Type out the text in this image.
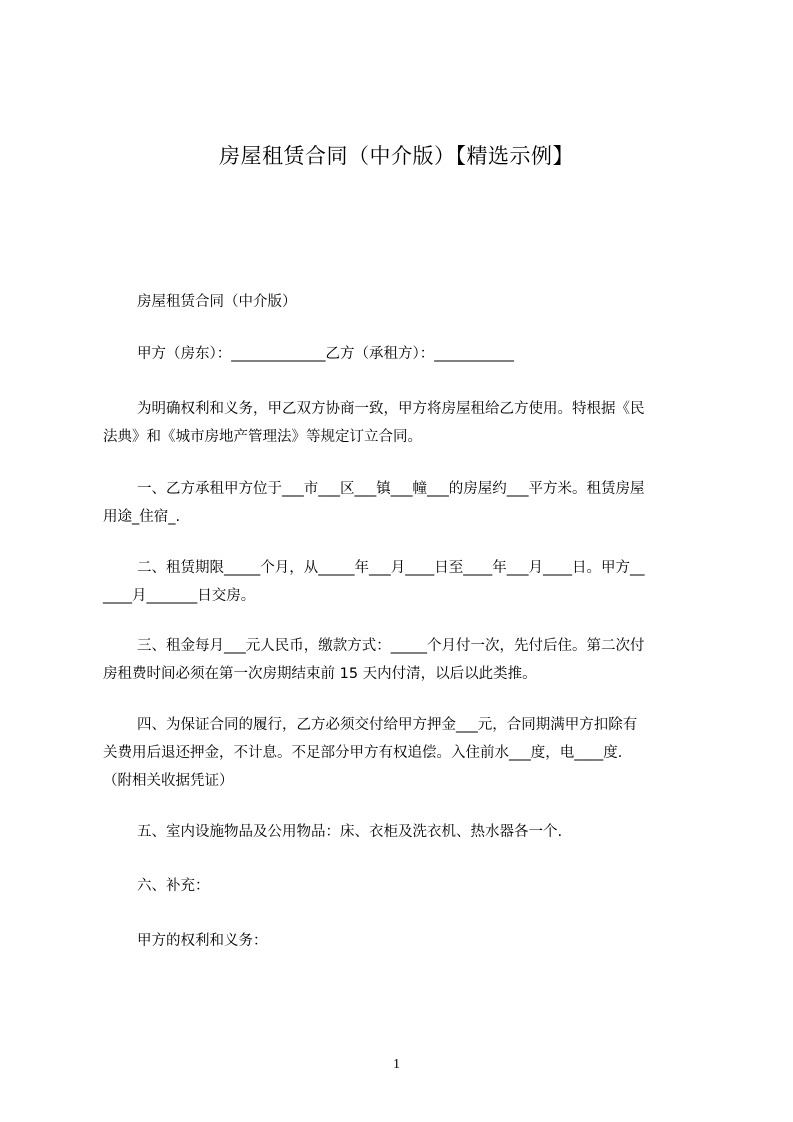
房屋租赁合同（中介版）【精选示例】
房屋租赁合同（中介版）
甲方（房东）：_____________乙方（承租方）：___________
为明确权利和义务，甲乙双方协商一致，甲方将房屋租给乙方使用。特根据《民
法典》和《城市房地产管理法》等规定订立合同。
一、乙方承租甲方位于___市___区___镇___幢___的房屋约___平方米。租赁房屋
用途_住宿_.
二、租赁期限_____个月，从_____年___月____日至____年___月____日。甲方__
____月_______日交房。
三、租金每月___元人民币，缴款方式：_____个月付一次，先付后住。第二次付
房租费时间必须在第一次房期结束前 15 天内付清，以后以此类推。
四、为保证合同的履行，乙方必须交付给甲方押金___元，合同期满甲方扣除有
关费用后退还押金，不计息。不足部分甲方有权追偿。入住前水___度，电____度.
（附相关收据凭证）
五、室内设施物品及公用物品：床、衣柜及洗衣机、热水器各一个.
六、补充：
甲方的权利和义务：
1
